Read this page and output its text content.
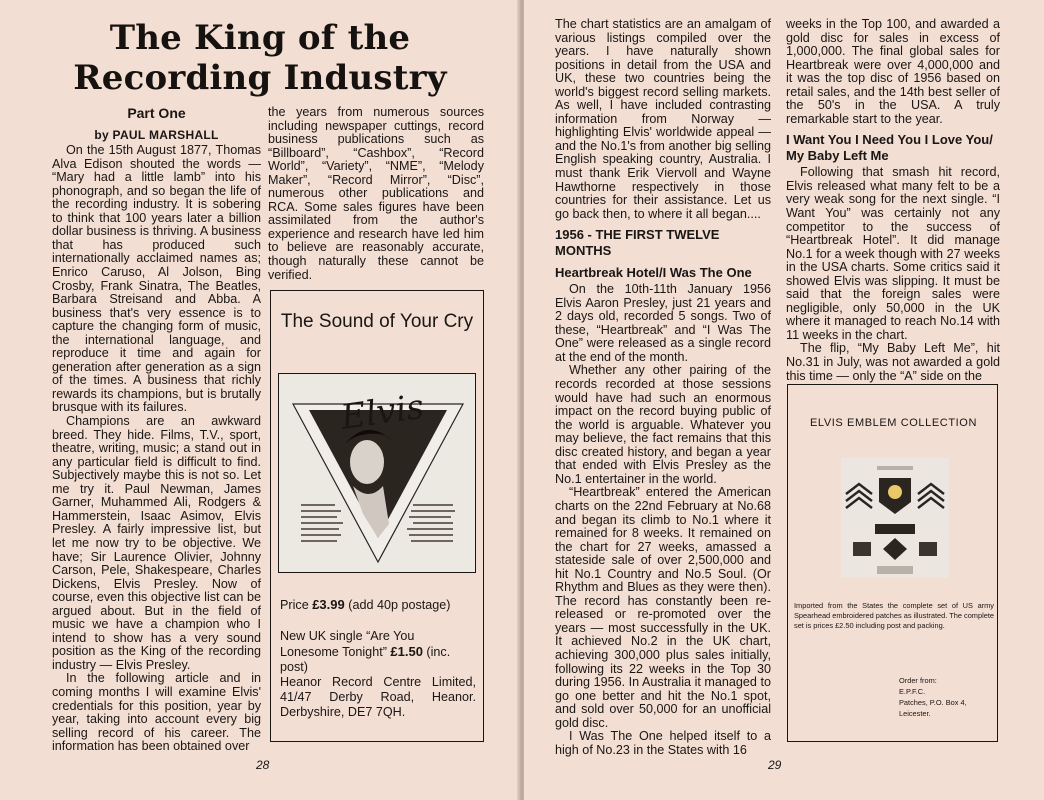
The King of the
Recording Industry
Part One
by PAUL MARSHALL

On the 15th August 1877, Thomas Alva Edison shouted the words — “Mary had a little lamb” into his phonograph, and so began the life of the recording industry. It is sobering to think that 100 years later a billion dollar business is thriving. A business that has produced such internationally acclaimed names as; Enrico Caruso, Al Jolson, Bing Crosby, Frank Sinatra, The Beatles, Barbara Streisand and Abba. A business that's very essence is to capture the changing form of music, the international language, and reproduce it time and again for generation after generation as a sign of the times. A business that richly rewards its champions, but is brutally brusque with its failures.

Champions are an awkward breed. They hide. Films, T.V., sport, theatre, writing, music; a stand out in any particular field is difficult to find. Subjectively maybe this is not so. Let me try it. Paul Newman, James Garner, Muhammed Ali, Rodgers & Hammerstein, Isaac Asimov, Elvis Presley. A fairly impressive list, but let me now try to be objective. We have; Sir Laurence Olivier, Johnny Carson, Pele, Shakespeare, Charles Dickens, Elvis Presley. Now of course, even this objective list can be argued about. But in the field of music we have a champion who I intend to show has a very sound position as the King of the recording industry — Elvis Presley.

In the following article and in coming months I will examine Elvis' credentials for this position, year by year, taking into account every big selling record of his career. The information has been obtained over

the years from numerous sources including newspaper cuttings, record business publications such as “Billboard”, “Cashbox”, “Record World”, “Variety”, “NME”, “Melody Maker”, “Record Mirror”, “Disc”, numerous other publications and RCA. Some sales figures have been assimilated from the author's experience and research have led him to believe are reasonably accurate, though naturally these cannot be verified.

The Sound of Your Cry
Elvis
Price £3.99 (add 40p postage)
New UK single “Are You Lonesome Tonight” £1.50 (inc. post)
Heanor Record Centre Limited, 41/47 Derby Road, Heanor. Derbyshire, DE7 7QH.
28

The chart statistics are an amalgam of various listings compiled over the years. I have naturally shown positions in detail from the USA and UK, these two countries being the world's biggest record selling markets. As well, I have included contrasting information from Norway — highlighting Elvis' worldwide appeal — and the No.1's from another big selling English speaking country, Australia. I must thank Erik Viervoll and Wayne Hawthorne respectively in those countries for their assistance. Let us go back then, to where it all began....

1956 - THE FIRST TWELVE MONTHS
Heartbreak Hotel/I Was The One

On the 10th-11th January 1956 Elvis Aaron Presley, just 21 years and 2 days old, recorded 5 songs. Two of these, “Heartbreak” and “I Was The One” were released as a single record at the end of the month.

Whether any other pairing of the records recorded at those sessions would have had such an enormous impact on the record buying public of the world is arguable. Whatever you may believe, the fact remains that this disc created history, and began a year that ended with Elvis Presley as the No.1 entertainer in the world.

“Heartbreak” entered the American charts on the 22nd February at No.68 and began its climb to No.1 where it remained for 8 weeks. It remained on the chart for 27 weeks, amassed a stateside sale of over 2,500,000 and hit No.1 Country and No.5 Soul. (Or Rhythm and Blues as they were then). The record has constantly been re-released or re-promoted over the years — most successfully in the UK. It achieved No.2 in the UK chart, achieving 300,000 plus sales initially, following its 22 weeks in the Top 30 during 1956. In Australia it managed to go one better and hit the No.1 spot, and sold over 50,000 for an unofficial gold disc.

I Was The One helped itself to a high of No.23 in the States with 16

weeks in the Top 100, and awarded a gold disc for sales in excess of 1,000,000. The final global sales for Heartbreak were over 4,000,000 and it was the top disc of 1956 based on retail sales, and the 14th best seller of the 50's in the USA. A truly remarkable start to the year.

I Want You I Need You I Love You/ My Baby Left Me

Following that smash hit record, Elvis released what many felt to be a very weak song for the next single. “I Want You” was certainly not any competitor to the success of “Heartbreak Hotel”. It did manage No.1 for a week though with 27 weeks in the USA charts. Some critics said it showed Elvis was slipping. It must be said that the foreign sales were negligible, only 50,000 in the UK where it managed to reach No.14 with 11 weeks in the chart.

The flip, “My Baby Left Me”, hit No.31 in July, was not awarded a gold this time — only the “A” side on the

ELVIS EMBLEM COLLECTION
Imported from the States the complete set of US army Spearhead embroidered patches as illustrated. The complete set is prices £2.50 including post and packing.
Order from:
E.P.F.C.
Patches, P.O. Box 4,
Leicester.
29
